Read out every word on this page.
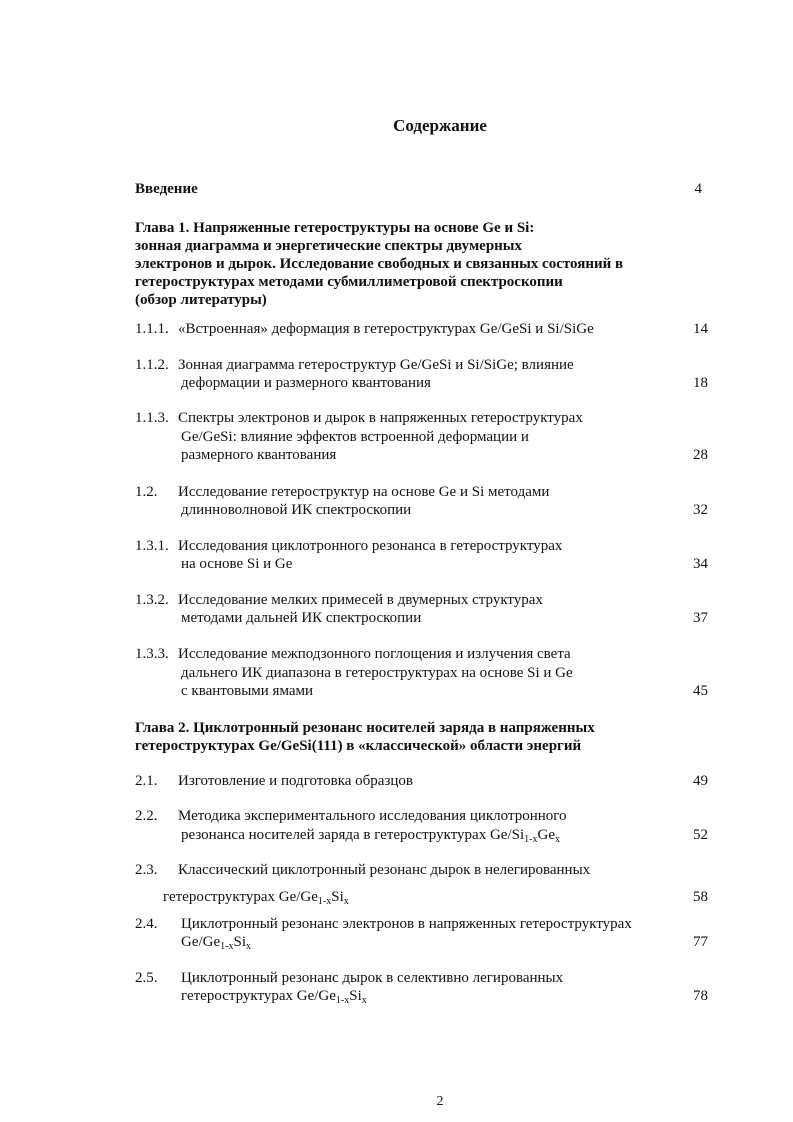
Содержание
Введение	4
Глава 1. Напряженные гетероструктуры на основе Ge и Si:
зонная диаграмма и энергетические спектры двумерных
электронов и дырок. Исследование свободных и связанных состояний в
гетероструктурах методами субмиллиметровой спектроскопии
(обзор литературы)
1.1.1. «Встроенная» деформация в гетероструктурах Ge/GeSi и Si/SiGe	14
1.1.2. Зонная диаграмма гетероструктур Ge/GeSi и Si/SiGe; влияние
деформации и размерного квантования	18
1.1.3. Спектры электронов и дырок в напряженных гетероструктурах
Ge/GeSi: влияние эффектов встроенной деформации и
размерного квантования	28
1.2. Исследование гетероструктур на основе Ge и Si методами
длинноволновой ИК спектроскопии	32
1.3.1. Исследования циклотронного резонанса в гетероструктурах
на основе Si и Ge	34
1.3.2. Исследование мелких примесей в двумерных структурах
методами дальней ИК спектроскопии	37
1.3.3. Исследование межподзонного поглощения и излучения света
дальнего ИК диапазона в гетероструктурах на основе Si и Ge
с квантовыми ямами	45
Глава 2. Циклотронный резонанс носителей заряда в напряженных
гетероструктурах Ge/GeSi(111) в «классической» области энергий
2.1. Изготовление и подготовка образцов	49
2.2. Методика экспериментального исследования циклотронного
резонанса носителей заряда в гетероструктурах $Ge/Si_{1-x}Ge_x$	52
2.3. Классический циклотронный резонанс дырок в нелегированных
гетероструктурах $Ge/Ge_{1-x}Si_x$	58
2.4. Циклотронный резонанс электронов в напряженных гетероструктурах
$Ge/Ge_{1-x}Si_x$	77
2.5. Циклотронный резонанс дырок в селективно легированных
гетероструктурах $Ge/Ge_{1-x}Si_x$	78
2
